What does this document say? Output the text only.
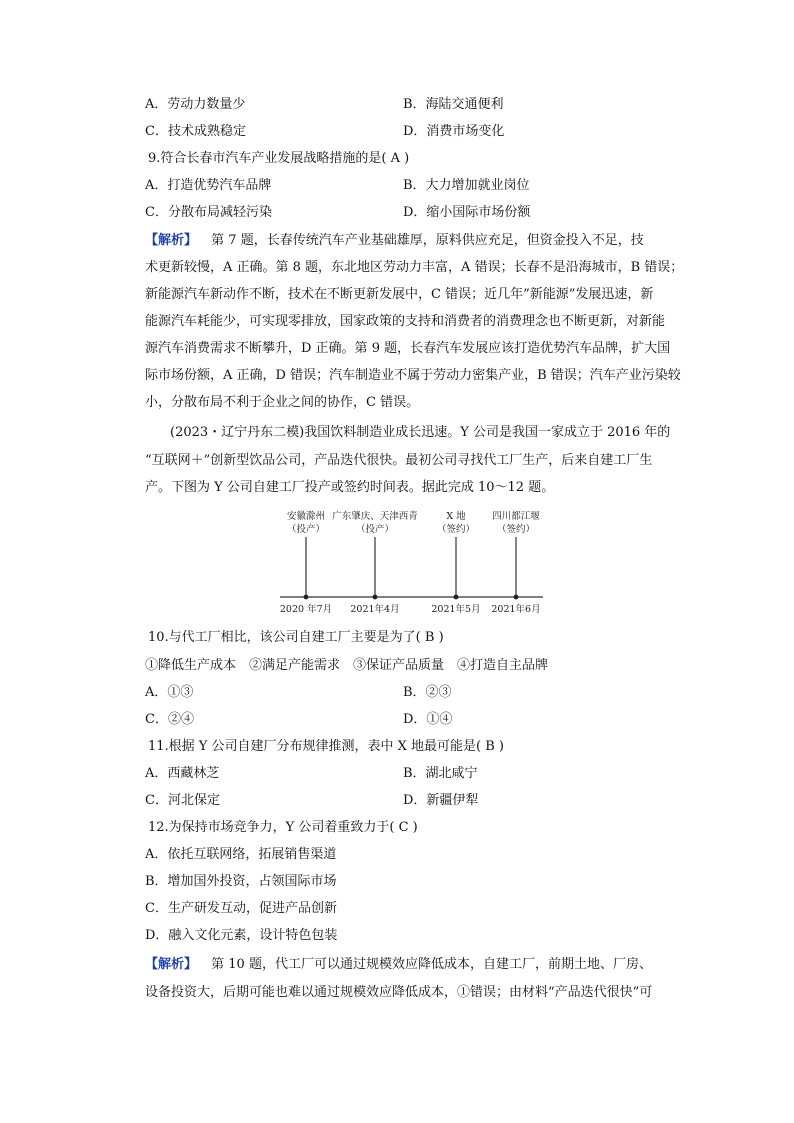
A．劳动力数量少	B．海陆交通便利
C．技术成熟稳定	D．消费市场变化
9.符合长春市汽车产业发展战略措施的是( A )
A．打造优势汽车品牌	B．大力增加就业岗位
C．分散布局减轻污染	D．缩小国际市场份额
【解析】 第 7 题，长春传统汽车产业基础雄厚，原料供应充足，但资金投入不足，技
术更新较慢，A 正确。第 8 题，东北地区劳动力丰富，A 错误；长春不是沿海城市，B 错误；
新能源汽车新动作不断，技术在不断更新发展中，C 错误；近几年”新能源”发展迅速，新
能源汽车耗能少，可实现零排放，国家政策的支持和消费者的消费理念也不断更新，对新能
源汽车消费需求不断攀升，D 正确。第 9 题，长春汽车发展应该打造优势汽车品牌，扩大国
际市场份额，A 正确，D 错误；汽车制造业不属于劳动力密集产业，B 错误；汽车产业污染较
小，分散布局不利于企业之间的协作，C 错误。
(2023・辽宁丹东二模)我国饮料制造业成长迅速。Y 公司是我国一家成立于 2016 年的
“互联网＋”创新型饮品公司，产品迭代很快。最初公司寻找代工厂生产，后来自建工厂生
产。下图为 Y 公司自建工厂投产或签约时间表。据此完成 10～12 题。
安徽滁州
（投产）
2020 年7月
广东肇庆、天津西青
（投产）
2021年4月
X 地
（签约）
2021年5月
四川都江堰
（签约）
2021年6月
10.与代工厂相比，该公司自建工厂主要是为了( B )
①降低生产成本　②满足产能需求　③保证产品质量　④打造自主品牌
A．①③	B．②③
C．②④	D．①④
11.根据 Y 公司自建厂分布规律推测，表中 X 地最可能是( B )
A．西藏林芝	B．湖北咸宁
C．河北保定	D．新疆伊犁
12.为保持市场竞争力，Y 公司着重致力于( C )
A．依托互联网络，拓展销售渠道
B．增加国外投资，占领国际市场
C．生产研发互动，促进产品创新
D．融入文化元素，设计特色包装
【解析】 第 10 题，代工厂可以通过规模效应降低成本，自建工厂，前期土地、厂房、
设备投资大，后期可能也难以通过规模效应降低成本，①错误；由材料“产品迭代很快”可
